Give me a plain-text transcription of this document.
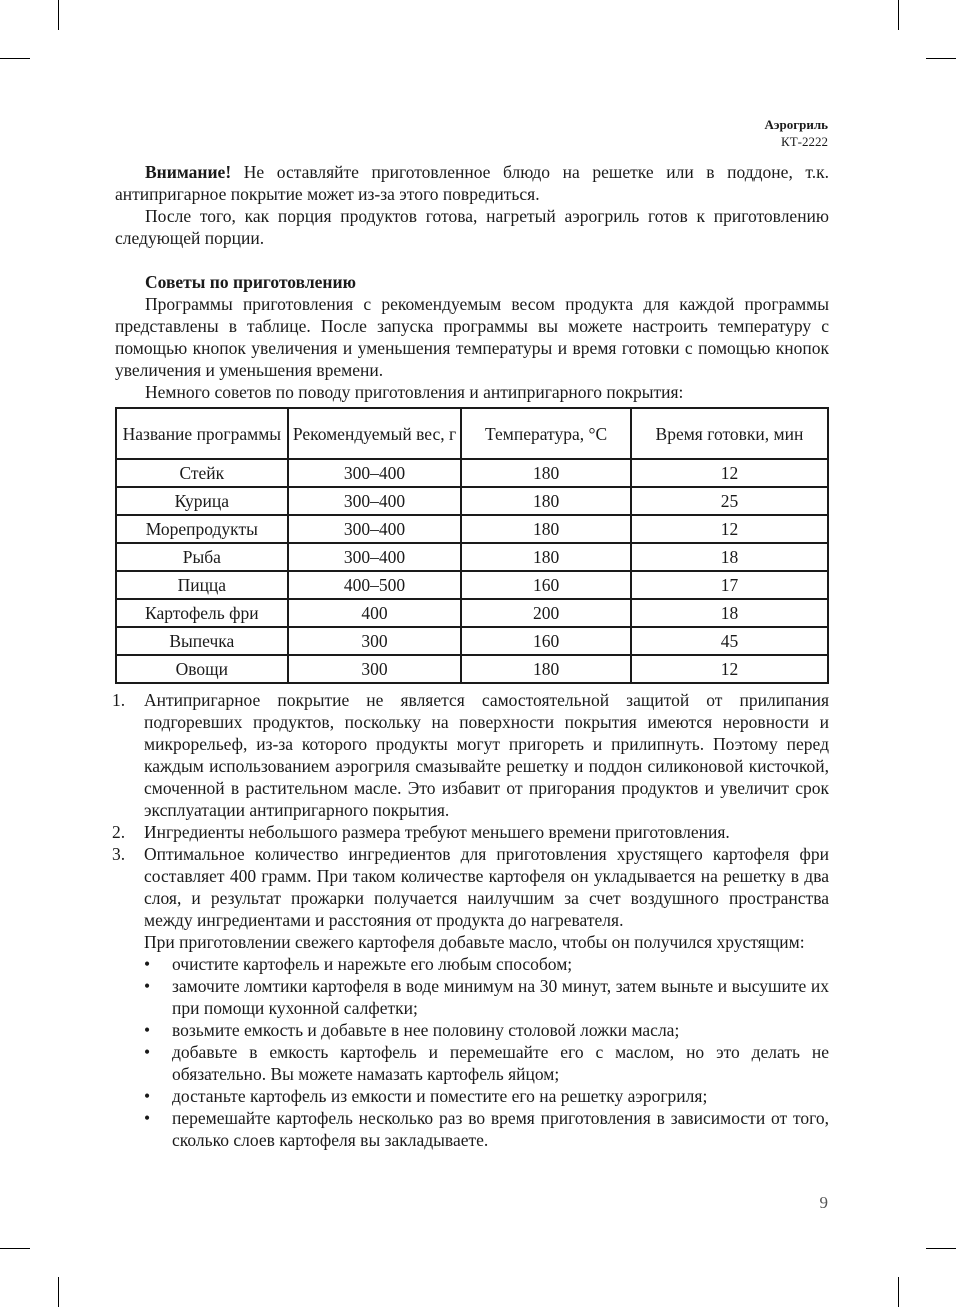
Аэрогриль
КТ-2222

Внимание! Не оставляйте приготовленное блюдо на решетке или в поддоне, т.к. антипригарное покрытие может из-за этого повредиться.

После того, как порция продуктов готова, нагретый аэрогриль готов к приготовлению следующей порции.

Советы по приготовлению

Программы приготовления с рекомендуемым весом продукта для каждой программы представлены в таблице. После запуска программы вы можете настроить температуру с помощью кнопок увеличения и уменьшения температуры и время готовки с помощью кнопок увеличения и уменьшения времени.

Немного советов по поводу приготовления и антипригарного покрытия:

Название программы	Рекомендуемый вес, г	Температура, °C	Время готовки, мин
Стейк	300–400	180	12
Курица	300–400	180	25
Морепродукты	300–400	180	12
Рыба	300–400	180	18
Пицца	400–500	160	17
Картофель фри	400	200	18
Выпечка	300	160	45
Овощи	300	180	12
1. Антипригарное покрытие не является самостоятельной защитой от прилипания подгоревших продуктов, поскольку на поверхности покрытия имеются неровности и микрорельеф, из-за которого продукты могут пригореть и прилипнуть. Поэтому перед каждым использованием аэрогриля смазывайте решетку и поддон силиконовой кисточкой, смоченной в растительном масле. Это избавит от пригорания продуктов и увеличит срок эксплуатации антипригарного покрытия.
2. Ингредиенты небольшого размера требуют меньшего времени приготовления.
3. Оптимальное количество ингредиентов для приготовления хрустящего картофеля фри составляет 400 грамм. При таком количестве картофеля он укладывается на решетку в два слоя, и результат прожарки получается наилучшим за счет воздушного пространства между ингредиентами и расстояния от продукта до нагревателя.
При приготовлении свежего картофеля добавьте масло, чтобы он получился хрустящим:
• очистите картофель и нарежьте его любым способом;
• замочите ломтики картофеля в воде минимум на 30 минут, затем выньте и высушите их при помощи кухонной салфетки;
• возьмите емкость и добавьте в нее половину столовой ложки масла;
• добавьте в емкость картофель и перемешайте его с маслом, но это делать не обязательно. Вы можете намазать картофель яйцом;
• достаньте картофель из емкости и поместите его на решетку аэрогриля;
• перемешайте картофель несколько раз во время приготовления в зависимости от того, сколько слоев картофеля вы закладываете.
9
